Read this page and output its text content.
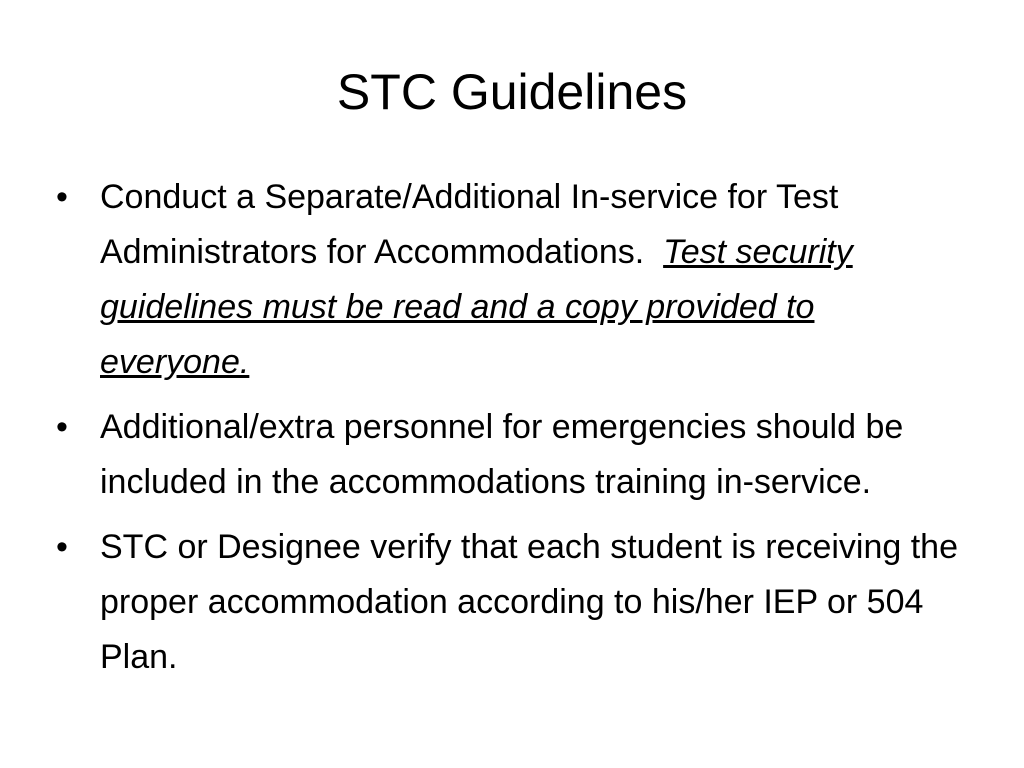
STC Guidelines
• Conduct a Separate/Additional In-service for Test Administrators for Accommodations. Test security guidelines must be read and a copy provided to everyone.
• Additional/extra personnel for emergencies should be included in the accommodations training in-service.
• STC or Designee verify that each student is receiving the proper accommodation according to his/her IEP or 504 Plan.
